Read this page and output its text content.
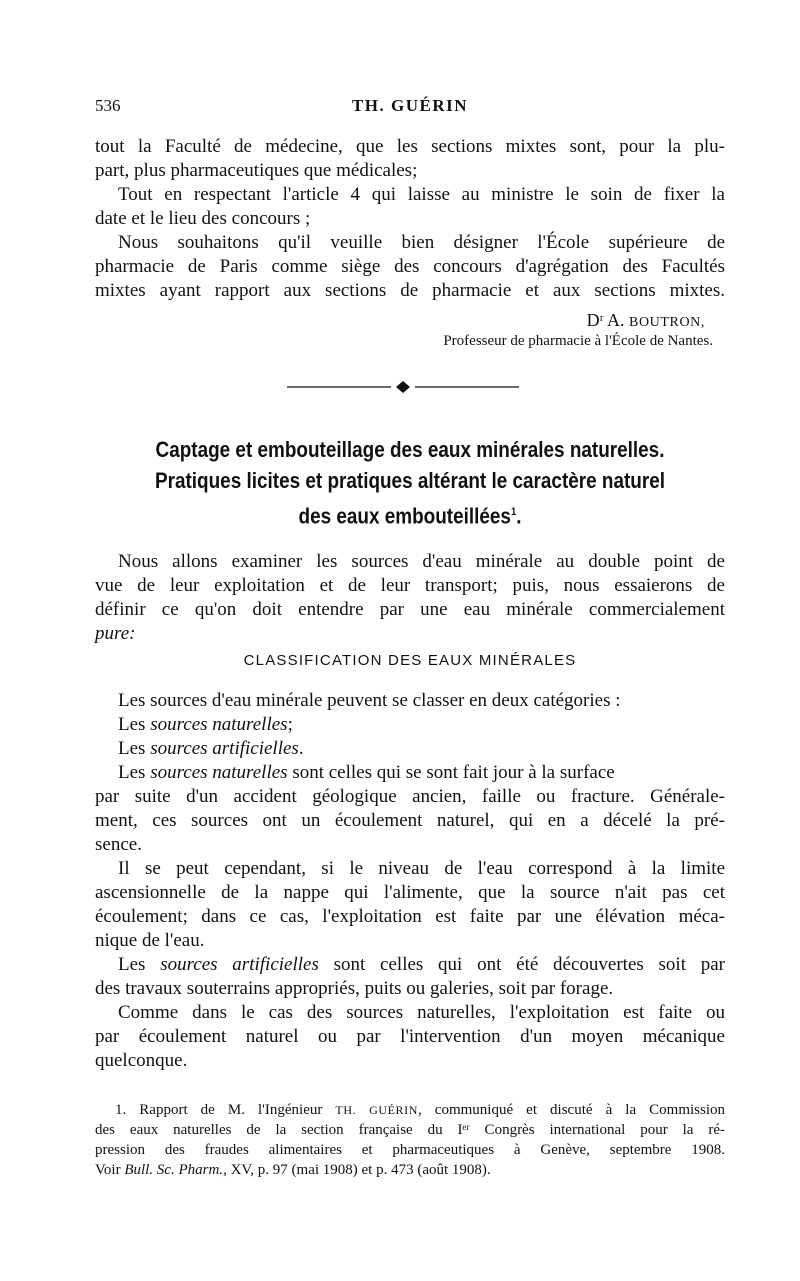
536	TH. GUÉRIN
tout la Faculté de médecine, que les sections mixtes sont, pour la plu-
part, plus pharmaceutiques que médicales;
Tout en respectant l'article 4 qui laisse au ministre le soin de fixer la
date et le lieu des concours ;
Nous souhaitons qu'il veuille bien désigner l'École supérieure de
pharmacie de Paris comme siège des concours d'agrégation des Facultés
mixtes ayant rapport aux sections de pharmacie et aux sections mixtes.
Dʳ A. BOUTRON,
Professeur de pharmacie à l'École de Nantes.
Captage et embouteillage des eaux minérales naturelles.
Pratiques licites et pratiques altérant le caractère naturel
des eaux embouteillées$^1$.
Nous allons examiner les sources d'eau minérale au double point de
vue de leur exploitation et de leur transport; puis, nous essaierons de
définir ce qu'on doit entendre par une eau minérale commercialement
pure:
CLASSIFICATION DES EAUX MINÉRALES
Les sources d'eau minérale peuvent se classer en deux catégories :
Les sources naturelles;
Les sources artificielles.
Les sources naturelles sont celles qui se sont fait jour à la surface
par suite d'un accident géologique ancien, faille ou fracture. Générale-
ment, ces sources ont un écoulement naturel, qui en a décelé la pré-
sence.
Il se peut cependant, si le niveau de l'eau correspond à la limite
ascensionnelle de la nappe qui l'alimente, que la source n'ait pas cet
écoulement; dans ce cas, l'exploitation est faite par une élévation méca-
nique de l'eau.
Les sources artificielles sont celles qui ont été découvertes soit par
des travaux souterrains appropriés, puits ou galeries, soit par forage.
Comme dans le cas des sources naturelles, l'exploitation est faite ou
par écoulement naturel ou par l'intervention d'un moyen mécanique
quelconque.
1. Rapport de M. l'Ingénieur TH. GUÉRIN, communiqué et discuté à la Commission
des eaux naturelles de la section française du Iᵉʳ Congrès international pour la ré-
pression des fraudes alimentaires et pharmaceutiques à Genève, septembre 1908.
Voir Bull. Sc. Pharm., XV, p. 97 (mai 1908) et p. 473 (août 1908).
